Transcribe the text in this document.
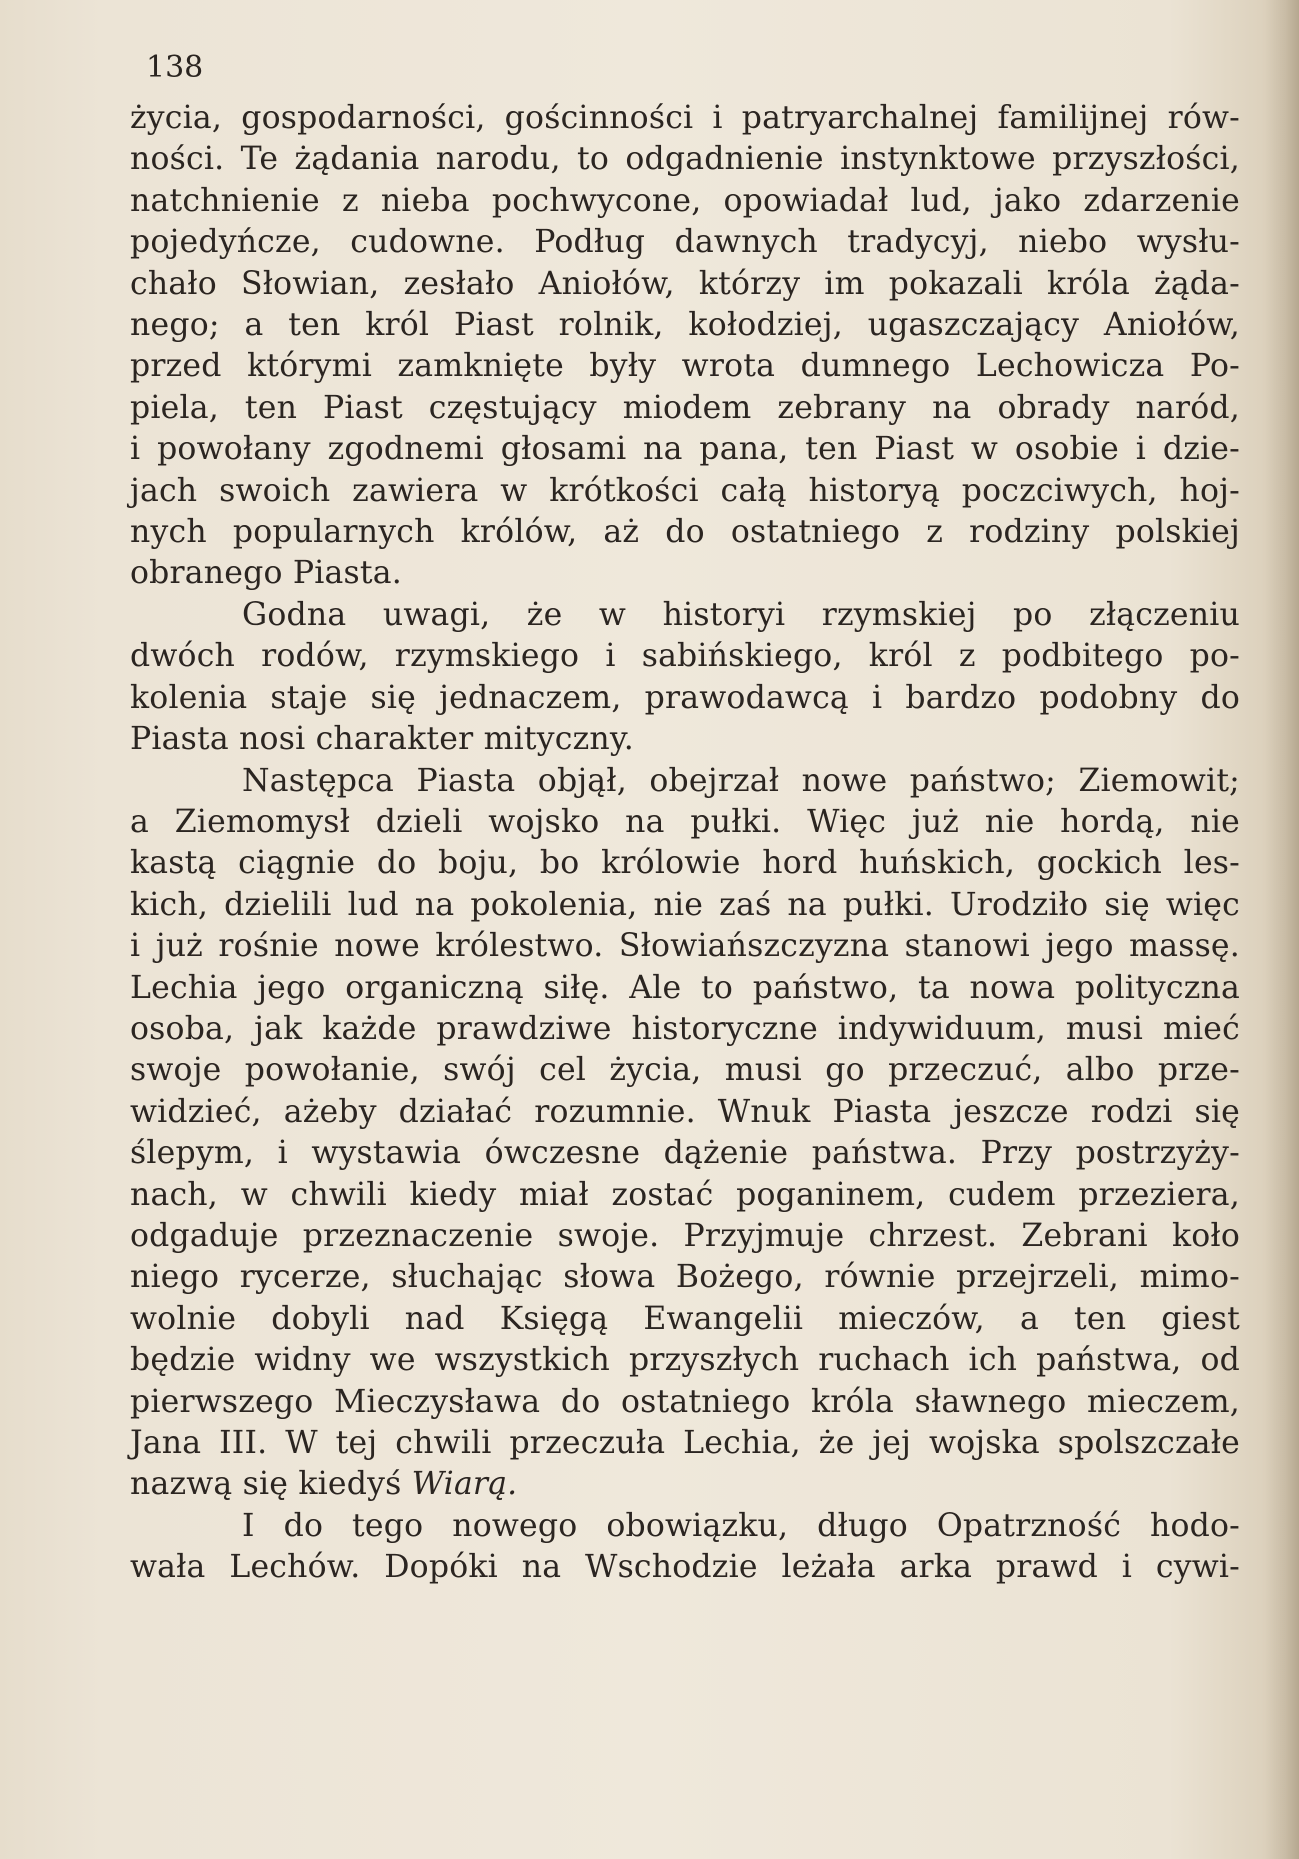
138
życia, gospodarności, gościnności i patryarchalnej familijnej rów-
ności. Te żądania narodu, to odgadnienie instynktowe przyszłości,
natchnienie z nieba pochwycone, opowiadał lud, jako zdarzenie
pojedyńcze, cudowne. Podług dawnych tradycyj, niebo wysłu-
chało Słowian, zesłało Aniołów, którzy im pokazali króla żąda-
nego; a ten król Piast rolnik, kołodziej, ugaszczający Aniołów,
przed którymi zamknięte były wrota dumnego Lechowicza Po-
piela, ten Piast częstujący miodem zebrany na obrady naród,
i powołany zgodnemi głosami na pana, ten Piast w osobie i dzie-
jach swoich zawiera w krótkości całą historyą poczciwych, hoj-
nych popularnych królów, aż do ostatniego z rodziny polskiej
obranego Piasta.
Godna uwagi, że w historyi rzymskiej po złączeniu
dwóch rodów, rzymskiego i sabińskiego, król z podbitego po-
kolenia staje się jednaczem, prawodawcą i bardzo podobny do
Piasta nosi charakter mityczny.
Następca Piasta objął, obejrzał nowe państwo; Ziemowit;
a Ziemomysł dzieli wojsko na pułki. Więc już nie hordą, nie
kastą ciągnie do boju, bo królowie hord huńskich, gockich les-
kich, dzielili lud na pokolenia, nie zaś na pułki. Urodziło się więc
i już rośnie nowe królestwo. Słowiańszczyzna stanowi jego massę.
Lechia jego organiczną siłę. Ale to państwo, ta nowa polityczna
osoba, jak każde prawdziwe historyczne indywiduum, musi mieć
swoje powołanie, swój cel życia, musi go przeczuć, albo prze-
widzieć, ażeby działać rozumnie. Wnuk Piasta jeszcze rodzi się
ślepym, i wystawia ówczesne dążenie państwa. Przy postrzyży-
nach, w chwili kiedy miał zostać poganinem, cudem przeziera,
odgaduje przeznaczenie swoje. Przyjmuje chrzest. Zebrani koło
niego rycerze, słuchając słowa Bożego, równie przejrzeli, mimo-
wolnie dobyli nad Księgą Ewangelii mieczów, a ten giest
będzie widny we wszystkich przyszłych ruchach ich państwa, od
pierwszego Mieczysława do ostatniego króla sławnego mieczem,
Jana III. W tej chwili przeczuła Lechia, że jej wojska spolszczałe
nazwą się kiedyś Wiarą.
I do tego nowego obowiązku, długo Opatrzność hodo-
wała Lechów. Dopóki na Wschodzie leżała arka prawd i cywi-
